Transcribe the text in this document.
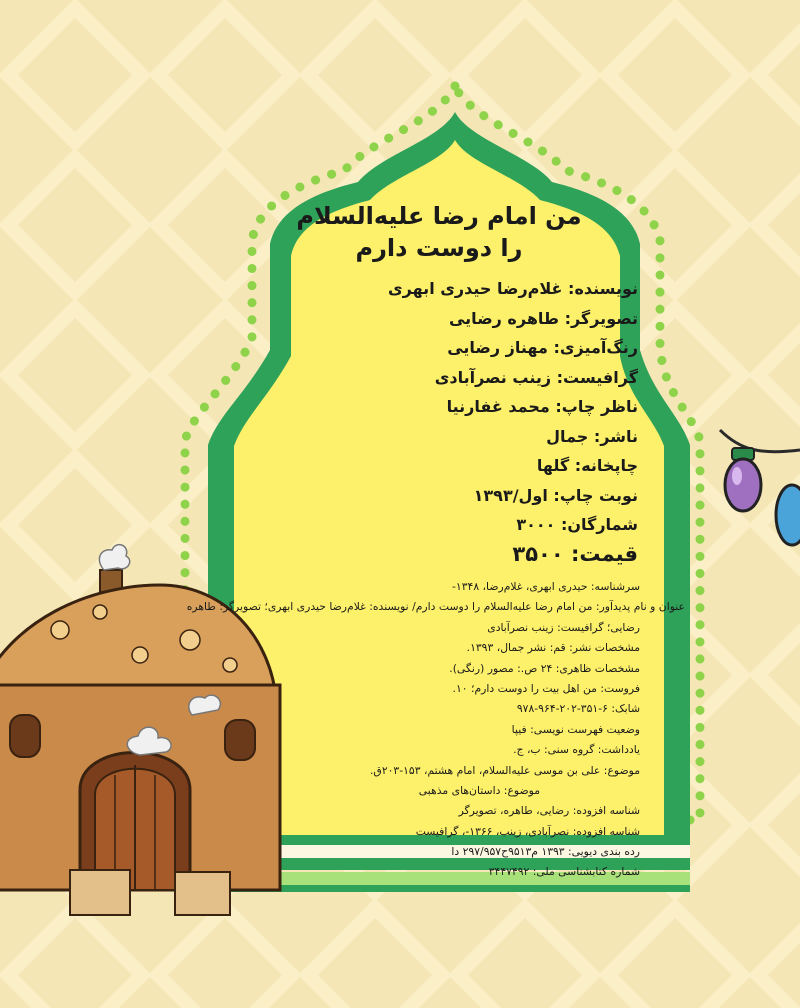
من امام رضا علیه‌السلام
را دوست دارم
نویسنده: غلام‌رضا حیدری ابهری
تصویرگر: طاهره رضایی
رنگ‌آمیزی: مهناز رضایی
گرافیست: زینب نصرآبادی
ناظر چاپ: محمد غفارنیا
ناشر: جمال
چاپخانه: گلها
نوبت چاپ: اول/۱۳۹۳
شمارگان: ۳۰۰۰
قیمت: ۳۵۰۰
سرشناسه: حیدری ابهری، غلام‌رضا، ۱۳۴۸-
عنوان و نام پدیدآور: من امام رضا علیه‌السلام را دوست دارم/ نویسنده: غلام‌رضا حیدری ابهری؛ تصویرگر: طاهره
رضایی؛ گرافیست: زینب نصرآبادی
مشخصات نشر: قم: نشر جمال، ۱۳۹۳.
مشخصات ظاهری: ۲۴ ص.: مصور (رنگی).
فروست: من اهل بیت را دوست دارم؛ ۱۰.
شابک: ۶-۳۵۱-۲۰۲-۹۶۴-۹۷۸
وضعیت فهرست نویسی: فیپا
یادداشت: گروه سنی: ب، ج.
موضوع: علی بن موسی علیه‌السلام، امام هشتم، ۱۵۳-۲۰۳ق.
موضوع: داستان‌های مذهبی
شناسه افزوده: رضایی، طاهره، تصویرگر
شناسه افزوده: نصرآبادی، زینب، ۱۳۶۶-، گرافیست
رده بندی دیویی: ۱۳۹۳ م۹۵۱۳ح۲۹۷/۹۵۷ دا
شماره کتابشناسی ملی: ۳۴۴۷۴۹۲
